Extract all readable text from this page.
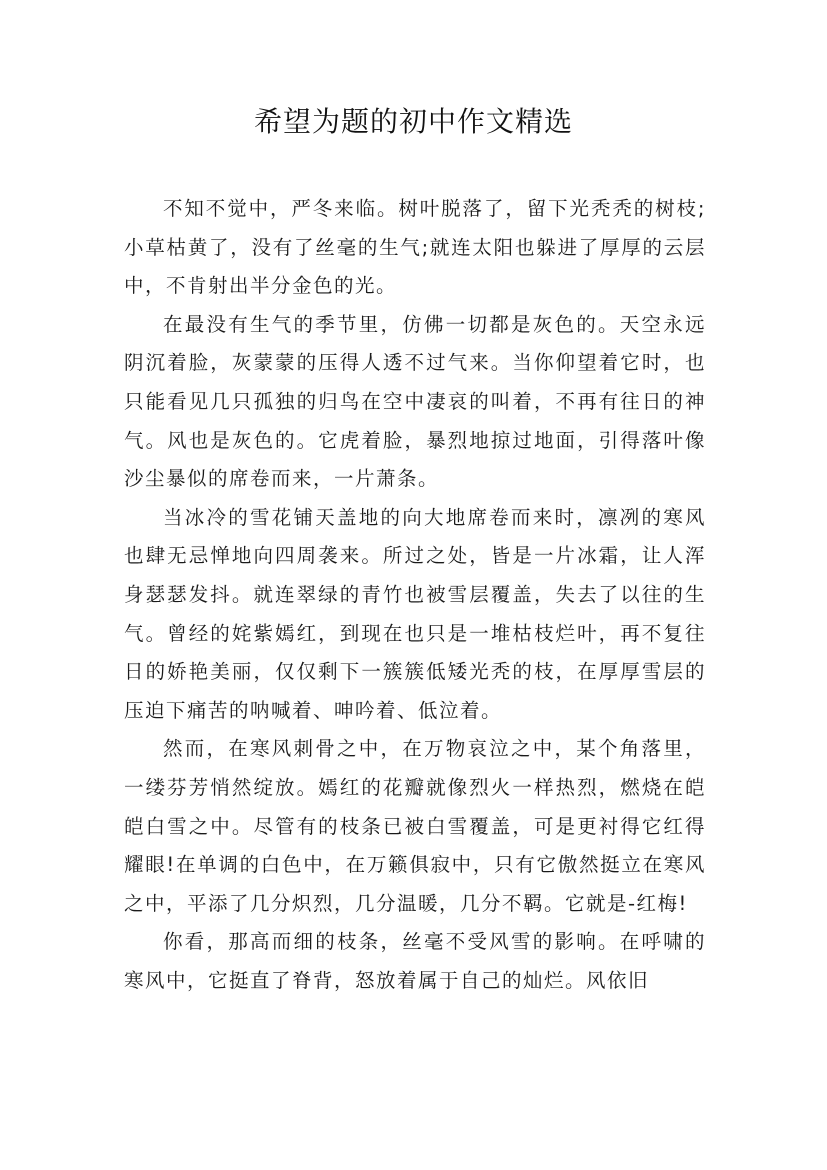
希望为题的初中作文精选

不知不觉中，严冬来临。树叶脱落了，留下光秃秃的树枝;小草枯黄了，没有了丝毫的生气;就连太阳也躲进了厚厚的云层中，不肯射出半分金色的光。

在最没有生气的季节里，仿佛一切都是灰色的。天空永远阴沉着脸，灰蒙蒙的压得人透不过气来。当你仰望着它时，也只能看见几只孤独的归鸟在空中凄哀的叫着，不再有往日的神气。风也是灰色的。它虎着脸，暴烈地掠过地面，引得落叶像沙尘暴似的席卷而来，一片萧条。

当冰冷的雪花铺天盖地的向大地席卷而来时，凛冽的寒风也肆无忌惮地向四周袭来。所过之处，皆是一片冰霜，让人浑身瑟瑟发抖。就连翠绿的青竹也被雪层覆盖，失去了以往的生气。曾经的姹紫嫣红，到现在也只是一堆枯枝烂叶，再不复往日的娇艳美丽，仅仅剩下一簇簇低矮光秃的枝，在厚厚雪层的压迫下痛苦的呐喊着、呻吟着、低泣着。

然而，在寒风刺骨之中，在万物哀泣之中，某个角落里，一缕芬芳悄然绽放。嫣红的花瓣就像烈火一样热烈，燃烧在皑皑白雪之中。尽管有的枝条已被白雪覆盖，可是更衬得它红得耀眼!在单调的白色中，在万籁俱寂中，只有它傲然挺立在寒风之中，平添了几分炽烈，几分温暖，几分不羁。它就是-红梅!

你看，那高而细的枝条，丝毫不受风雪的影响。在呼啸的寒风中，它挺直了脊背，怒放着属于自己的灿烂。风依旧
